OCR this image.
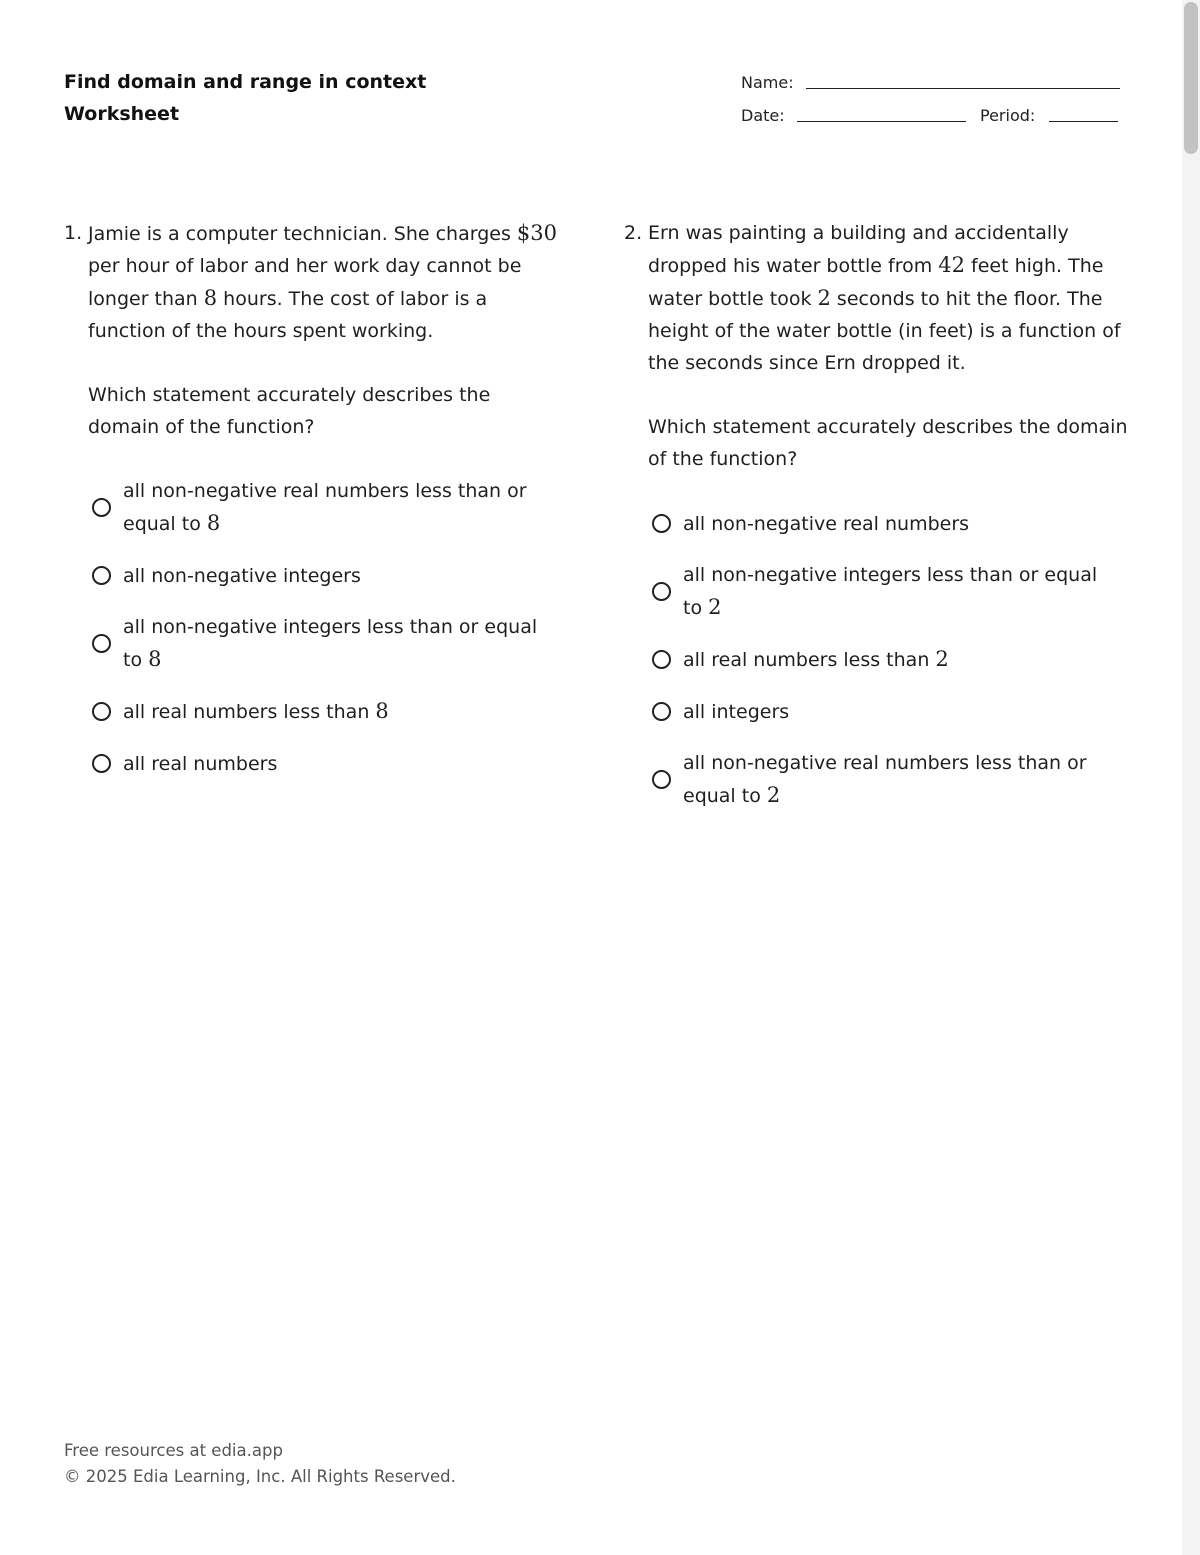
Find domain and range in context
Worksheet
Name:
Date:	Period:
1. Jamie is a computer technician. She charges $30 per hour of labor and her work day cannot be longer than 8 hours. The cost of labor is a function of the hours spent working.
Which statement accurately describes the domain of the function?
all non-negative real numbers less than or equal to 8
all non-negative integers
all non-negative integers less than or equal to 8
all real numbers less than 8
all real numbers
2. Ern was painting a building and accidentally dropped his water bottle from 42 feet high. The water bottle took 2 seconds to hit the floor. The height of the water bottle (in feet) is a function of the seconds since Ern dropped it.
Which statement accurately describes the domain of the function?
all non-negative real numbers
all non-negative integers less than or equal to 2
all real numbers less than 2
all integers
all non-negative real numbers less than or equal to 2
Free resources at edia.app
© 2025 Edia Learning, Inc. All Rights Reserved.
